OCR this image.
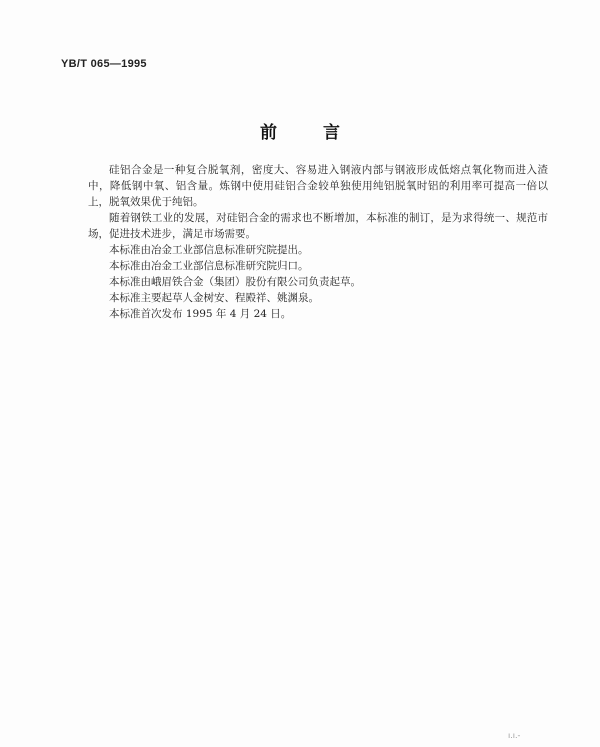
YB/T 065—1995
前	言

硅铝合金是一种复合脱氧剂，密度大、容易进入钢液内部与钢液形成低熔点氧化物而进入渣中，降低钢中氧、铝含量。炼钢中使用硅铝合金较单独使用纯铝脱氧时铝的利用率可提高一倍以上，脱氧效果优于纯铝。

随着钢铁工业的发展，对硅铝合金的需求也不断增加，本标准的制订，是为求得统一、规范市场，促进技术进步，满足市场需要。

本标准由冶金工业部信息标准研究院提出。

本标准由冶金工业部信息标准研究院归口。

本标准由峨眉铁合金（集团）股份有限公司负责起草。

本标准主要起草人金树安、程殿祥、姚渊泉。

本标准首次发布 1995 年 4 月 24 日。

ı.ı.-
